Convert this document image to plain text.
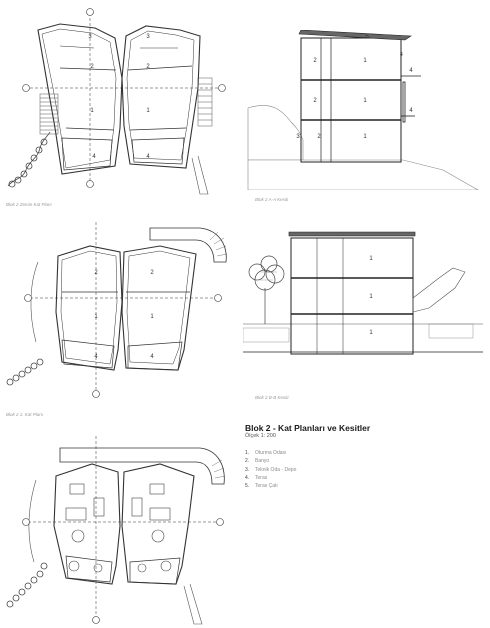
3	3
2	2
1	1
4	4
Blok 2 Zemin Kat Planı
4
5
2	1
2	1
3	2	1
4
4
Blok 2 A-A Kesiti
2	2
1	1
4	4
Blok 2 1. Kat Planı
1
1
1
Blok 2 B-B Kesiti
Blok 2 - Kat Planları ve Kesitler
Ölçek 1: 200
1. Oturma Odası
2. Banyo
3. Teknik Oda - Depo
4. Teras
5. Teras Çatı
